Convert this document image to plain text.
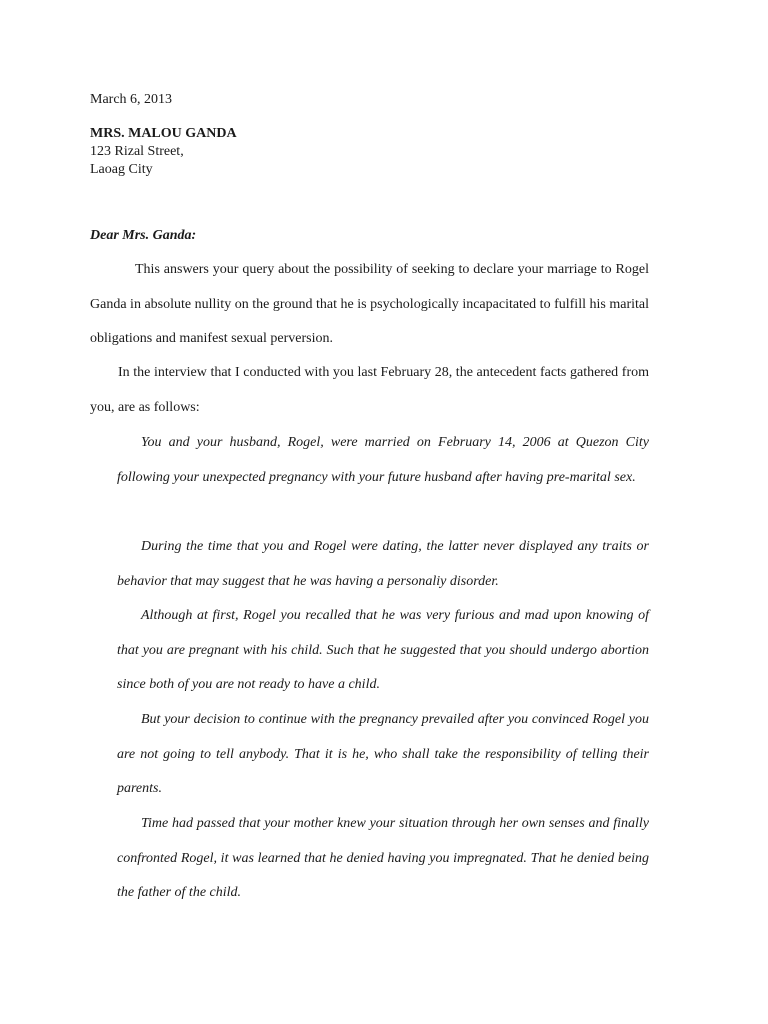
March 6, 2013

MRS. MALOU GANDA

123 Rizal Street,

Laoag City

Dear Mrs. Ganda:

This answers your query about the possibility of seeking to declare your marriage to Rogel Ganda in absolute nullity on the ground that he is psychologically incapacitated to fulfill his marital obligations and manifest sexual perversion.

In the interview that I conducted with you last February 28, the antecedent facts gathered from you, are as follows:

You and your husband, Rogel, were married on February 14, 2006 at Quezon City following your unexpected pregnancy with your future husband after having pre-marital sex.

During the time that you and Rogel were dating, the latter never displayed any traits or behavior that may suggest that he was having a personaliy disorder.

Although at first, Rogel you recalled that he was very furious and mad upon knowing of that you are pregnant with his child. Such that he suggested that you should undergo abortion since both of you are not ready to have a child.

But your decision to continue with the pregnancy prevailed after you convinced Rogel you are not going to tell anybody. That it is he, who shall take the responsibility of telling their parents.

Time had passed that your mother knew your situation through her own senses and finally confronted Rogel, it was learned that he denied having you impregnated. That he denied being the father of the child.
